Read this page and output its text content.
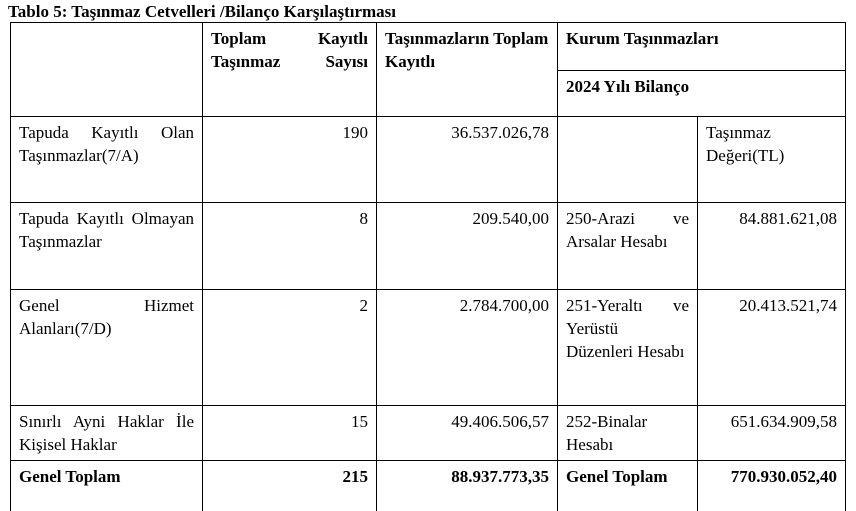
Tablo 5: Taşınmaz Cetvelleri /Bilanço Karşılaştırması
	Toplam Kayıtlı Taşınmaz Sayısı	Taşınmazların Toplam Kayıtlı	Kurum Taşınmazları	
			2024 Yılı Bilanço	
Tapuda Kayıtlı Olan Taşınmazlar(7/A)	190	36.537.026,78		Taşınmaz Değeri(TL)
Tapuda Kayıtlı Olmayan Taşınmazlar	8	209.540,00	250-Arazi ve Arsalar Hesabı	84.881.621,08
Genel Hizmet Alanları(7/D)	2	2.784.700,00	251-Yeraltı ve Yerüstü Düzenleri Hesabı	20.413.521,74
Sınırlı Ayni Haklar İle Kişisel Haklar	15	49.406.506,57	252-Binalar Hesabı	651.634.909,58
Genel Toplam	215	88.937.773,35	Genel Toplam	770.930.052,40
